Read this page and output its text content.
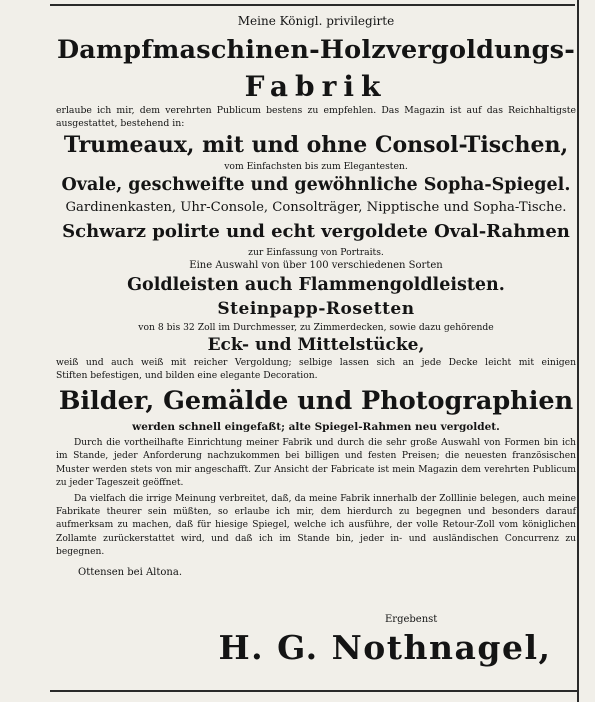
Meine Königl. privilegirte
Dampfmaschinen-Holzvergoldungs-
Fabrik
erlaube ich mir, dem verehrten Publicum bestens zu empfehlen. Das Magazin ist auf das Reichhaltigste ausgestattet, bestehend in:
Trumeaux, mit und ohne Consol-Tischen,
vom Einfachsten bis zum Elegantesten.
Ovale, geschweifte und gewöhnliche Sopha-Spiegel.
Gardinenkasten, Uhr-Console, Consolträger, Nipptische und Sopha-Tische.
Schwarz polirte und echt vergoldete Oval-Rahmen
zur Einfassung von Portraits.
Eine Auswahl von über 100 verschiedenen Sorten
Goldleisten auch Flammengoldleisten.
Steinpapp-Rosetten
von 8 bis 32 Zoll im Durchmesser, zu Zimmerdecken, sowie dazu gehörende
Eck- und Mittelstücke,
weiß und auch weiß mit reicher Vergoldung; selbige lassen sich an jede Decke leicht mit einigen
Stiften befestigen, und bilden eine elegante Decoration.
Bilder, Gemälde und Photographien
werden schnell eingefaßt; alte Spiegel-Rahmen neu vergoldet.
Durch die vortheilhafte Einrichtung meiner Fabrik und durch die sehr große Auswahl von Formen bin ich im Stande, jeder Anforderung nachzukommen bei billigen und festen Preisen; die neuesten französischen Muster werden stets von mir angeschafft. Zur Ansicht der Fabricate ist mein Magazin dem verehrten Publicum zu jeder Tageszeit geöffnet.
Da vielfach die irrige Meinung verbreitet, daß, da meine Fabrik innerhalb der Zolllinie belegen, auch meine Fabrikate theurer sein müßten, so erlaube ich mir, dem hierdurch zu begegnen und besonders darauf aufmerksam zu machen, daß für hiesige Spiegel, welche ich ausführe, der volle Retour-Zoll vom königlichen Zollamte zurückerstattet wird, und daß ich im Stande bin, jeder in- und ausländischen Concurrenz zu begegnen.
Ottensen bei Altona.
Ergebenst
H. G. Nothnagel,
